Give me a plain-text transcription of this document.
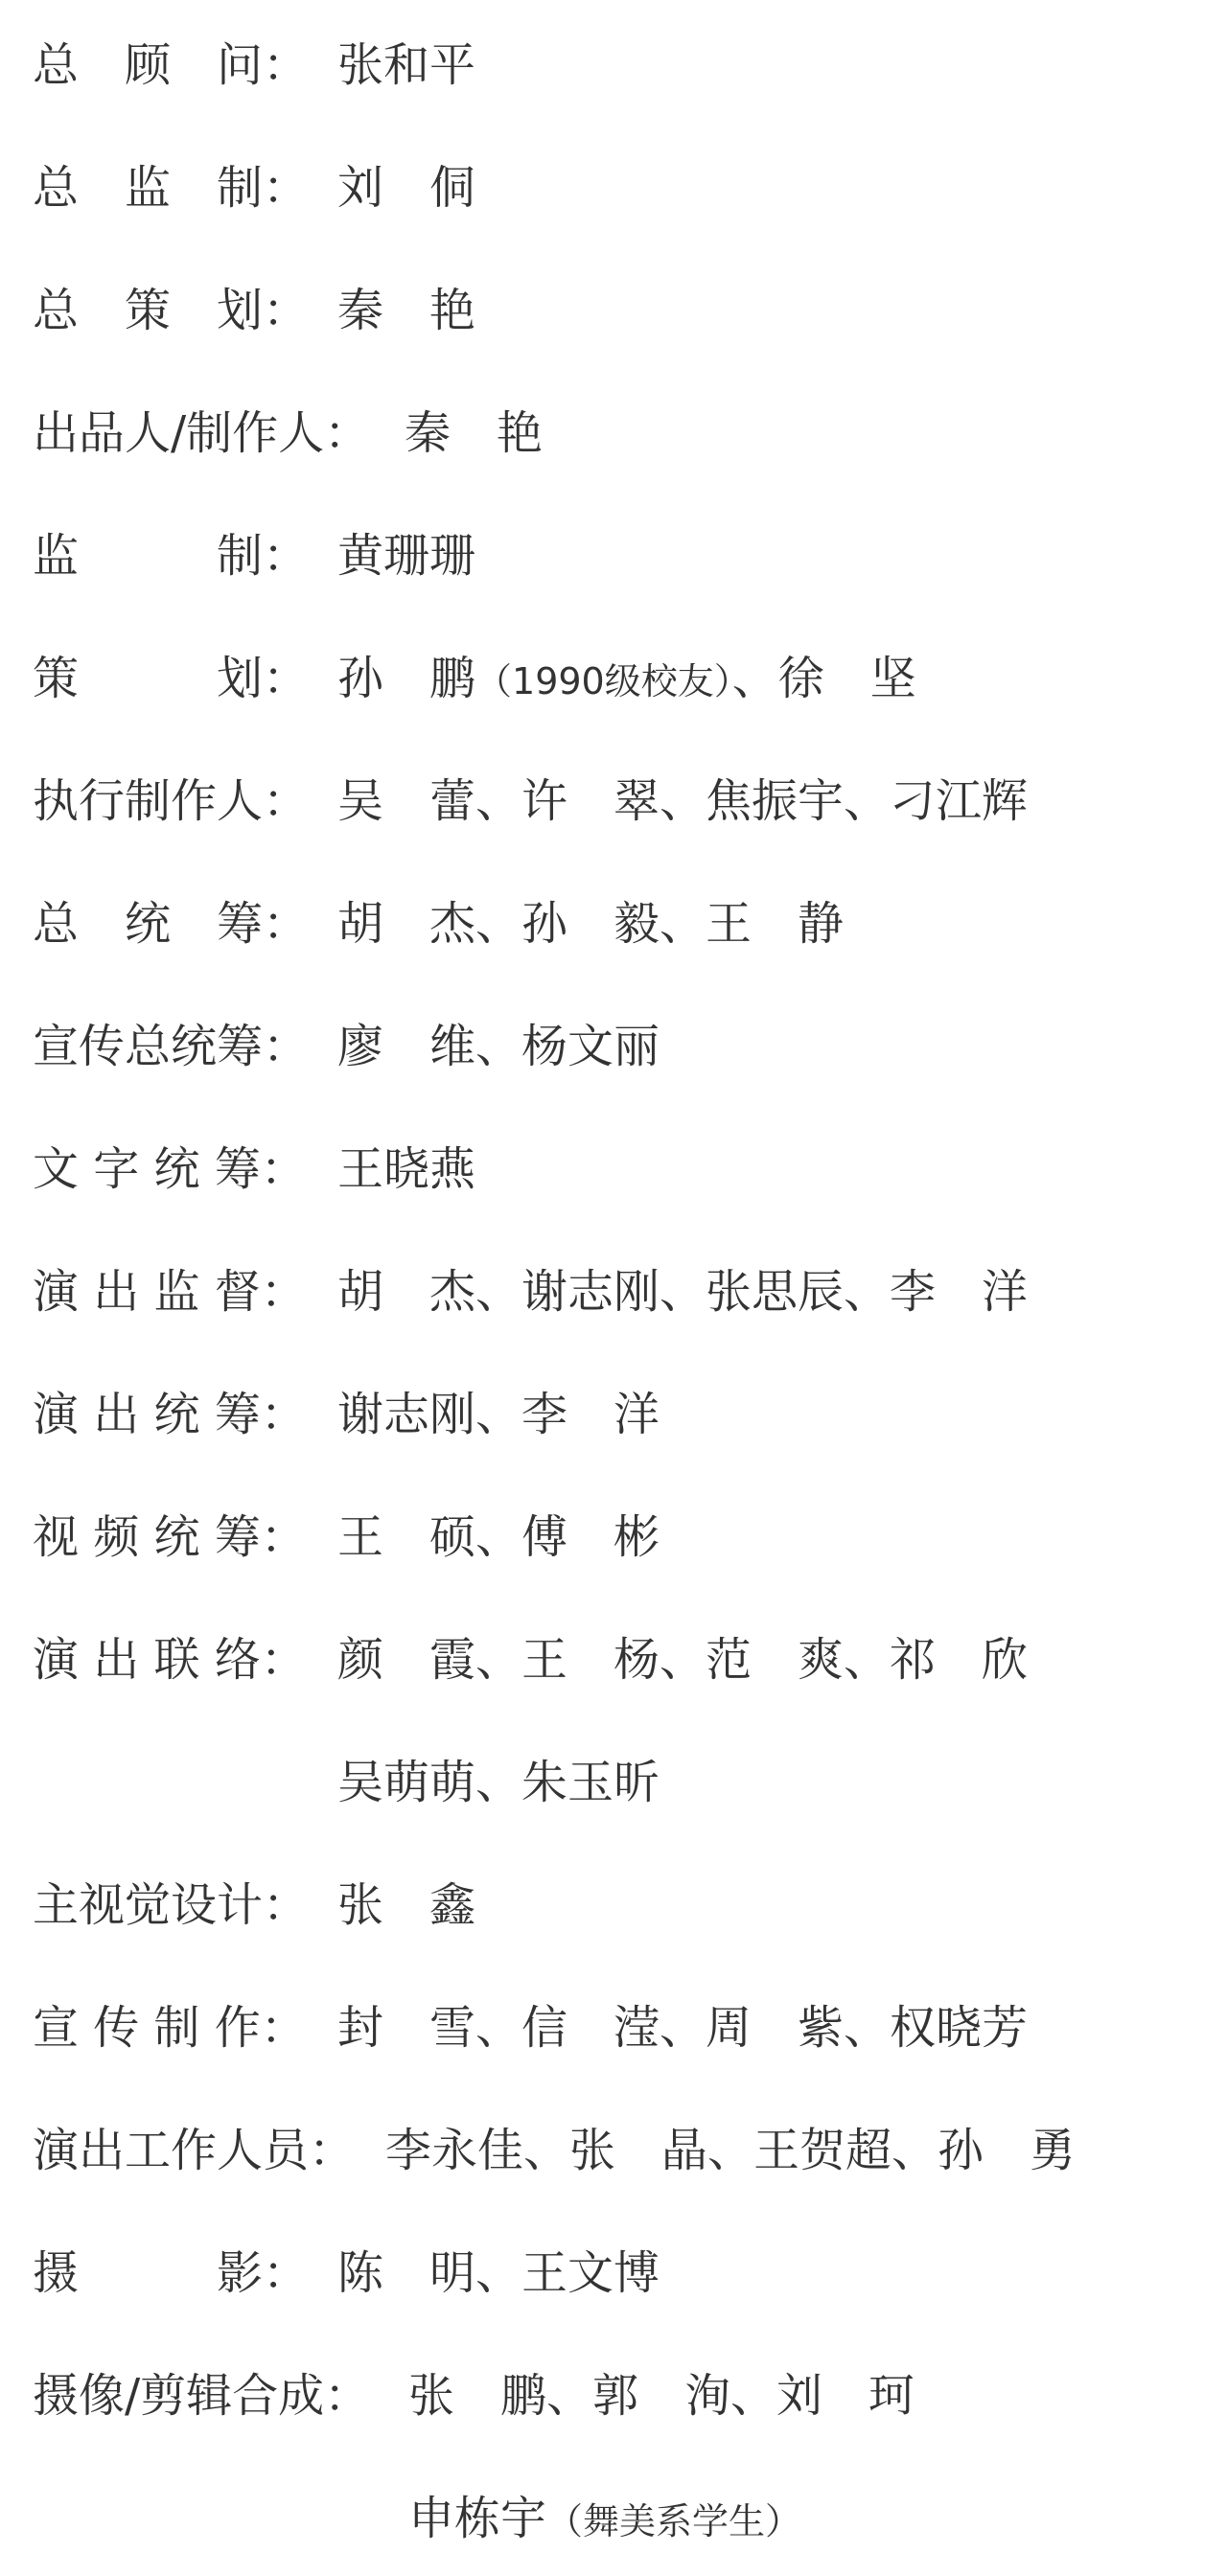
总　顾　问： 张和平
总　监　制： 刘　侗
总　策　划： 秦　艳
出品人/制作人： 秦　艳
监　　　制： 黄珊珊
策　　　划： 孙　鹏（1990级校友）、徐　坚
执行制作人： 吴　蕾、许　翠、焦振宇、刁江辉
总　统　筹： 胡　杰、孙　毅、王　静
宣传总统筹： 廖　维、杨文丽
文 字 统 筹： 王晓燕
演 出 监 督： 胡　杰、谢志刚、张思辰、李　洋
演 出 统 筹： 谢志刚、李　洋
视 频 统 筹： 王　硕、傅　彬
演 出 联 络： 颜　霞、王　杨、范　爽、祁　欣
吴萌萌、朱玉昕
主视觉设计： 张　鑫
宣 传 制 作： 封　雪、信　滢、周　紫、权晓芳
演出工作人员： 李永佳、张　晶、王贺超、孙　勇
摄　　　影： 陈　明、王文博
摄像/剪辑合成： 张　鹏、郭　洵、刘　珂
申栋宇（舞美系学生）
